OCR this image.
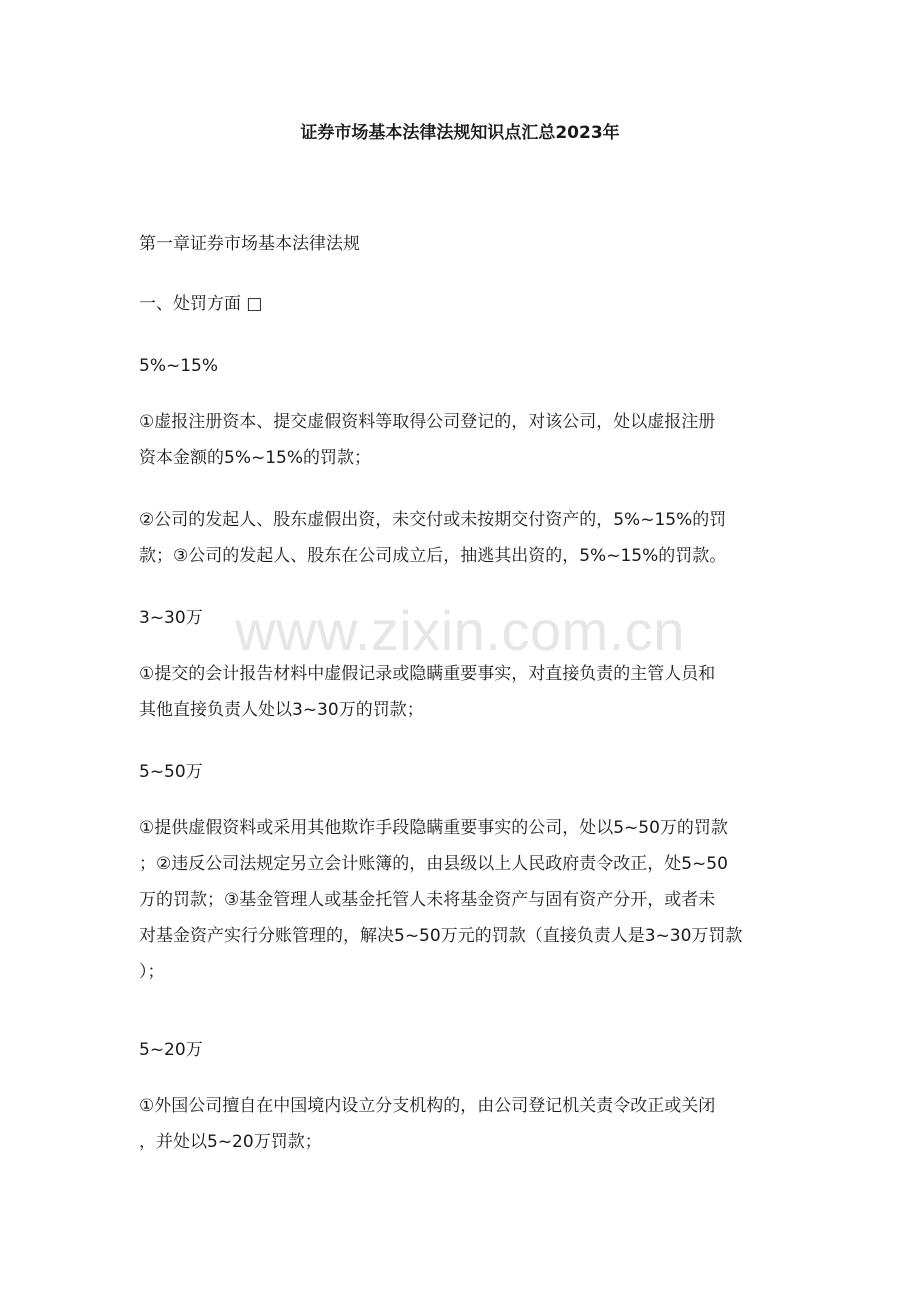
www.zixin.com.cn
证券市场基本法律法规知识点汇总2023年
第一章证券市场基本法律法规
一、处罚方面 □
5%~15%
①虚报注册资本、提交虚假资料等取得公司登记的，对该公司，处以虚报注册
资本金额的5%~15%的罚款；
②公司的发起人、股东虚假出资，未交付或未按期交付资产的，5%~15%的罚
款；③公司的发起人、股东在公司成立后，抽逃其出资的，5%~15%的罚款。
3~30万
①提交的会计报告材料中虚假记录或隐瞒重要事实，对直接负责的主管人员和
其他直接负责人处以3~30万的罚款；
5~50万
①提供虚假资料或采用其他欺诈手段隐瞒重要事实的公司，处以5~50万的罚款
；②违反公司法规定另立会计账簿的，由县级以上人民政府责令改正，处5~50
万的罚款；③基金管理人或基金托管人未将基金资产与固有资产分开，或者未
对基金资产实行分账管理的，解决5~50万元的罚款（直接负责人是3~30万罚款
）；
5~20万
①外国公司擅自在中国境内设立分支机构的，由公司登记机关责令改正或关闭
，并处以5~20万罚款；
